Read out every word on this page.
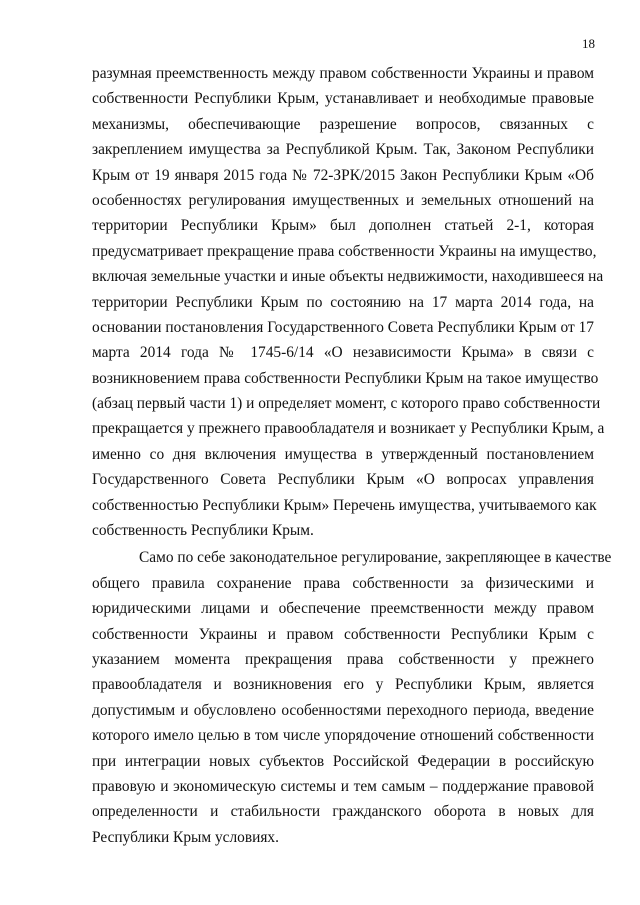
18

разумная преемственность между правом собственности Украины и правом
собственности Республики Крым, устанавливает и необходимые правовые
механизмы, обеспечивающие разрешение вопросов, связанных с
закреплением имущества за Республикой Крым. Так, Законом Республики
Крым от 19 января 2015 года № 72-ЗРК/2015 Закон Республики Крым «Об
особенностях регулирования имущественных и земельных отношений на
территории Республики Крым» был дополнен статьей 2-1, которая
предусматривает прекращение права собственности Украины на имущество,
включая земельные участки и иные объекты недвижимости, находившееся на
территории Республики Крым по состоянию на 17 марта 2014 года, на
основании постановления Государственного Совета Республики Крым от 17
марта 2014 года № 1745-6/14 «О независимости Крыма» в связи с
возникновением права собственности Республики Крым на такое имущество
(абзац первый части 1) и определяет момент, с которого право собственности
прекращается у прежнего правообладателя и возникает у Республики Крым, а
именно со дня включения имущества в утвержденный постановлением
Государственного Совета Республики Крым «О вопросах управления
собственностью Республики Крым» Перечень имущества, учитываемого как
собственность Республики Крым.

Само по себе законодательное регулирование, закрепляющее в качестве
общего правила сохранение права собственности за физическими и
юридическими лицами и обеспечение преемственности между правом
собственности Украины и правом собственности Республики Крым с
указанием момента прекращения права собственности у прежнего
правообладателя и возникновения его у Республики Крым, является
допустимым и обусловлено особенностями переходного периода, введение
которого имело целью в том числе упорядочение отношений собственности
при интеграции новых субъектов Российской Федерации в российскую
правовую и экономическую системы и тем самым – поддержание правовой
определенности и стабильности гражданского оборота в новых для
Республики Крым условиях.
